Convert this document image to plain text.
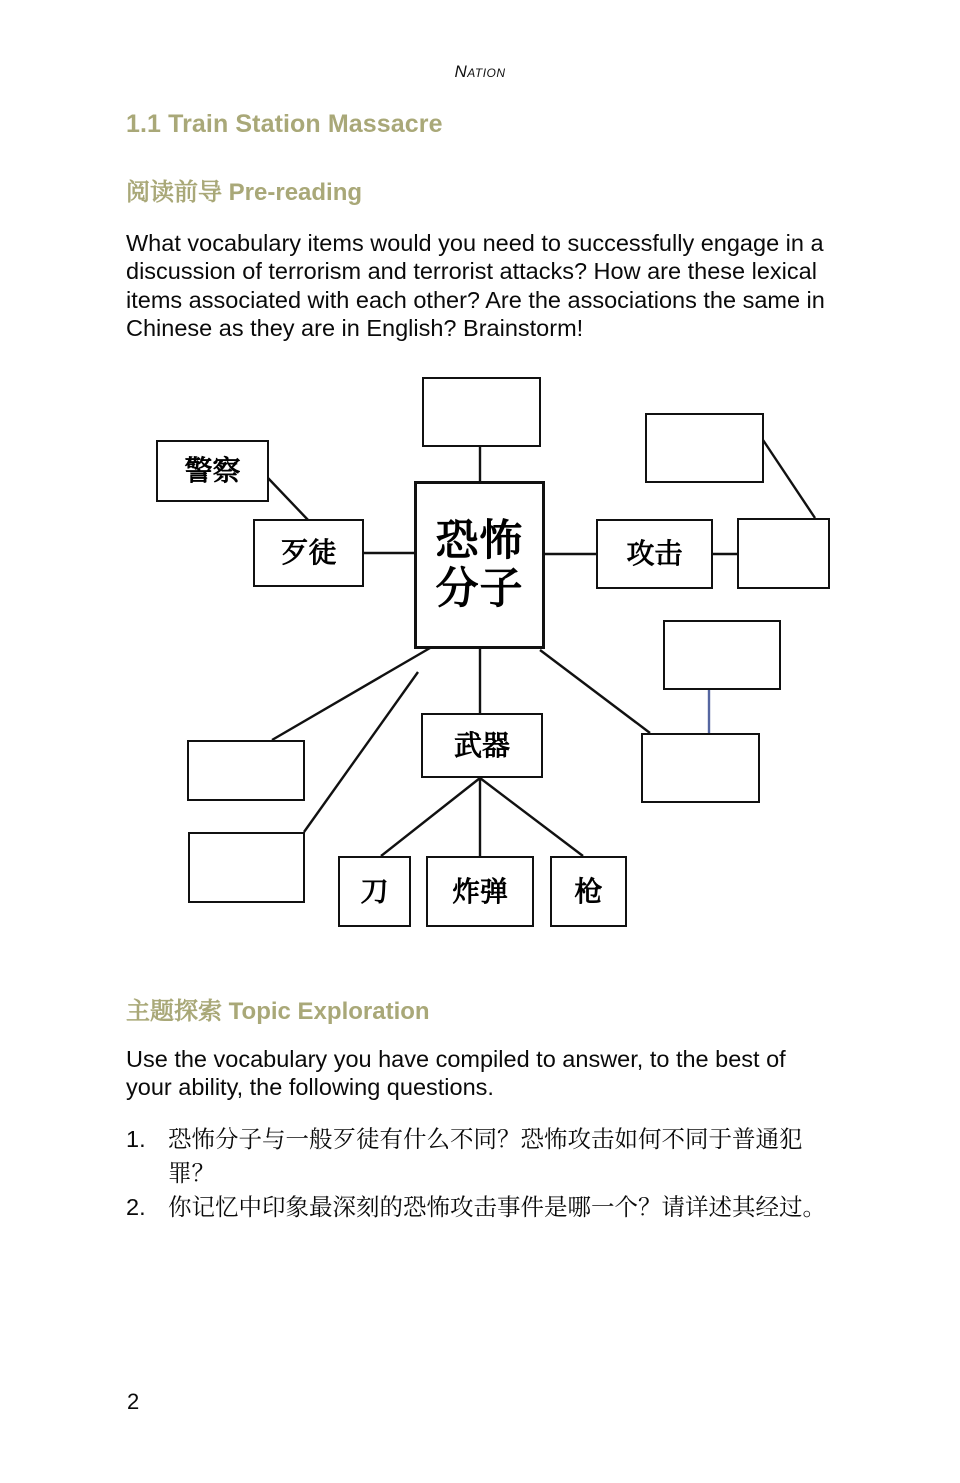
Nation
1.1 Train Station Massacre
阅读前导 Pre-reading
What vocabulary items would you need to successfully engage in a discussion of terrorism and terrorist attacks? How are these lexical items associated with each other? Are the associations the same in Chinese as they are in English? Brainstorm!
警察
歹徒	恐怖分子
攻击
武器
刀	炸弹	枪
主题探索 Topic Exploration
Use the vocabulary you have compiled to answer, to the best of your ability, the following questions.
1. 恐怖分子与一般歹徒有什么不同？恐怖攻击如何不同于普通犯罪？
2. 你记忆中印象最深刻的恐怖攻击事件是哪一个？请详述其经过。
2
